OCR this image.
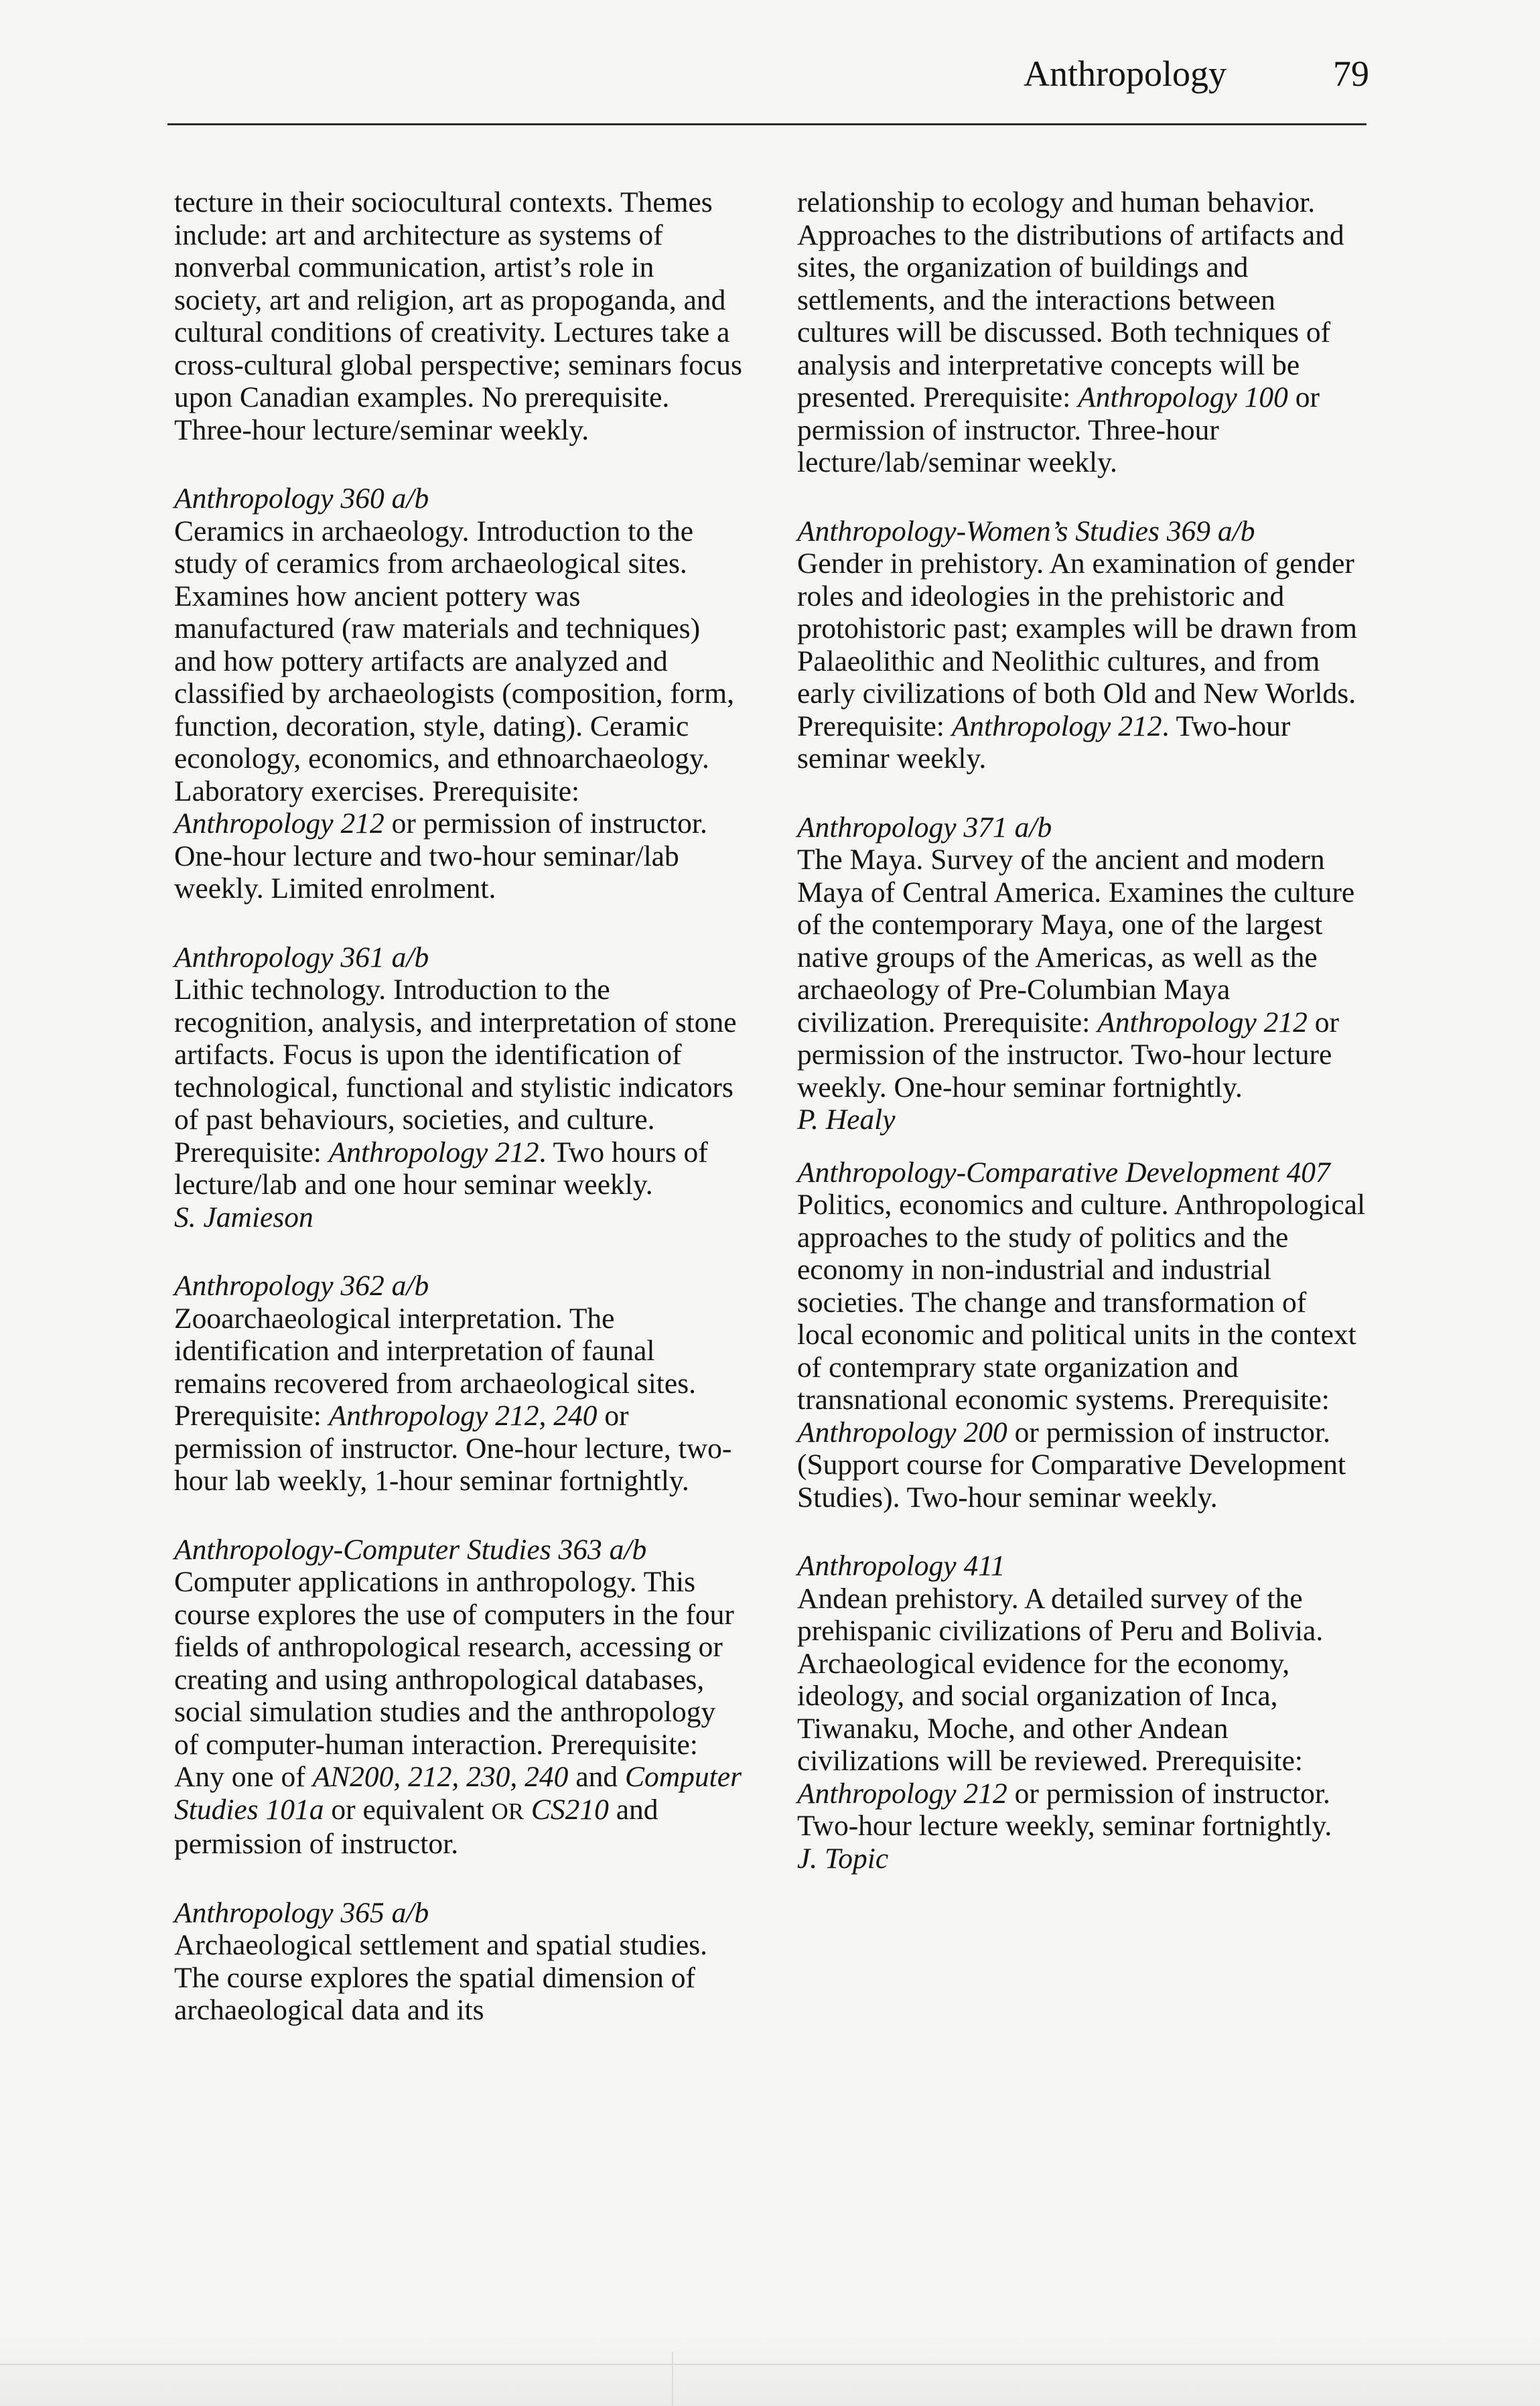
Anthropology	79

tecture in their sociocultural contexts. Themes include: art and architecture as systems of nonverbal communication, artist’s role in society, art and religion, art as propoganda, and cultural conditions of creativity. Lectures take a cross-cultural global perspective; seminars focus upon Canadian examples. No prerequisite. Three-hour lecture/seminar weekly.

Anthropology 360 a/b

Ceramics in archaeology. Introduction to the study of ceramics from archaeological sites. Examines how ancient pottery was manufactured (raw materials and techniques) and how pottery artifacts are analyzed and classified by archaeologists (composition, form, function, decoration, style, dating). Ceramic econology, economics, and ethnoarchaeology. Laboratory exercises. Prerequisite: Anthropology 212 or permission of instructor. One-hour lecture and two-hour seminar/lab weekly. Limited enrolment.

Anthropology 361 a/b

Lithic technology. Introduction to the recognition, analysis, and interpretation of stone artifacts. Focus is upon the identification of technological, functional and stylistic indicators of past behaviours, societies, and culture. Prerequisite: Anthropology 212. Two hours of lecture/lab and one hour seminar weekly.
S. Jamieson

Anthropology 362 a/b

Zooarchaeological interpretation. The identification and interpretation of faunal remains recovered from archaeological sites. Prerequisite: Anthropology 212, 240 or permission of instructor. One-hour lecture, two-hour lab weekly, 1-hour seminar fortnightly.

Anthropology-Computer Studies 363 a/b

Computer applications in anthropology. This course explores the use of computers in the four fields of anthropological research, accessing or creating and using anthropological databases, social simulation studies and the anthropology of computer-human interaction. Prerequisite: Any one of AN200, 212, 230, 240 and Computer Studies 101a or equivalent OR CS210 and permission of instructor.

Anthropology 365 a/b

Archaeological settlement and spatial studies. The course explores the spatial dimension of archaeological data and its

relationship to ecology and human behavior. Approaches to the distributions of artifacts and sites, the organization of buildings and settlements, and the interactions between cultures will be discussed. Both techniques of analysis and interpretative concepts will be presented. Prerequisite: Anthropology 100 or permission of instructor. Three-hour lecture/lab/seminar weekly.

Anthropology-Women’s Studies 369 a/b

Gender in prehistory. An examination of gender roles and ideologies in the prehistoric and protohistoric past; examples will be drawn from Palaeolithic and Neolithic cultures, and from early civilizations of both Old and New Worlds. Prerequisite: Anthropology 212. Two-hour seminar weekly.

Anthropology 371 a/b

The Maya. Survey of the ancient and modern Maya of Central America. Examines the culture of the contemporary Maya, one of the largest native groups of the Americas, as well as the archaeology of Pre-Columbian Maya civilization. Prerequisite: Anthropology 212 or permission of the instructor. Two-hour lecture weekly. One-hour seminar fortnightly.
P. Healy

Anthropology-Comparative Development 407

Politics, economics and culture. Anthropological approaches to the study of politics and the economy in non-industrial and industrial societies. The change and transformation of local economic and political units in the context of contemprary state organization and transnational economic systems. Prerequisite: Anthropology 200 or permission of instructor. (Support course for Comparative Development Studies). Two-hour seminar weekly.

Anthropology 411

Andean prehistory. A detailed survey of the prehispanic civilizations of Peru and Bolivia. Archaeological evidence for the economy, ideology, and social organization of Inca, Tiwanaku, Moche, and other Andean civilizations will be reviewed. Prerequisite: Anthropology 212 or permission of instructor. Two-hour lecture weekly, seminar fortnightly.
J. Topic
